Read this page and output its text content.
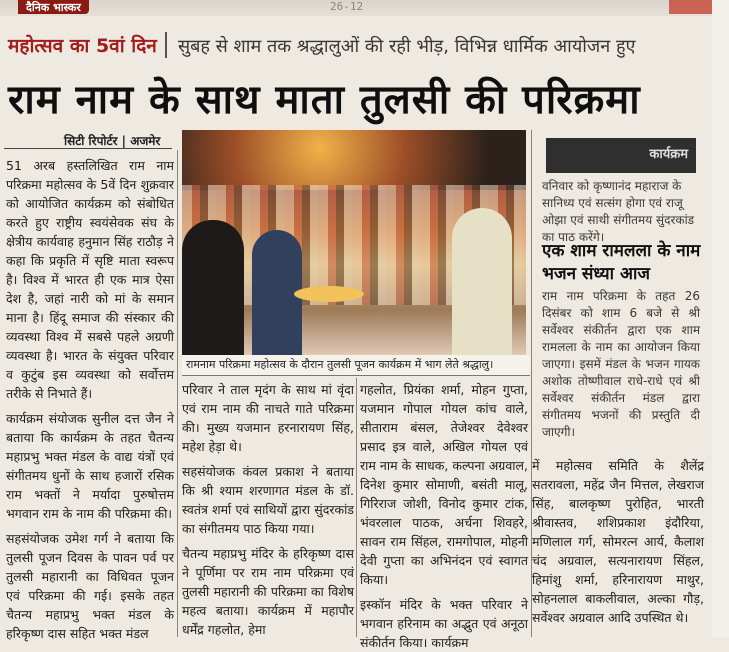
दैनिक भास्कर	26-12
महोत्सव का 5वां दिन सुबह से शाम तक श्रद्धालुओं की रही भीड़, विभिन्न धार्मिक आयोजन हुए
राम नाम के साथ माता तुलसी की परिक्रमा
सिटी रिपोर्टर | अजमेर
रामनाम परिक्रमा महोत्सव के दौरान तुलसी पूजन कार्यक्रम में भाग लेते श्रद्धालु।

51 अरब हस्तलिखित राम नाम परिक्रमा महोत्सव के 5वें दिन शुक्रवार को आयोजित कार्यक्रम को संबोधित करते हुए राष्ट्रीय स्वयंसेवक संघ के क्षेत्रीय कार्यवाह हनुमान सिंह राठौड़ ने कहा कि प्रकृति में सृष्टि माता स्वरूप है। विश्व में भारत ही एक मात्र ऐसा देश है, जहां नारी को मां के समान माना है। हिंदू समाज की संस्कार की व्यवस्था विश्व में सबसे पहले अग्रणी व्यवस्था है। भारत के संयुक्त परिवार व कुटुंब इस व्यवस्था को सर्वोत्तम तरीके से निभाते हैं।

कार्यक्रम संयोजक सुनील दत्त जैन ने बताया कि कार्यक्रम के तहत चैतन्य महाप्रभु भक्त मंडल के वाद्य यंत्रों एवं संगीतमय धुनों के साथ हजारों रसिक राम भक्तों ने मर्यादा पुरुषोत्तम भगवान राम के नाम की परिक्रमा की।

सहसंयोजक उमेश गर्ग ने बताया कि तुलसी पूजन दिवस के पावन पर्व पर तुलसी महारानी का विधिवत पूजन एवं परिक्रमा की गई। इसके तहत चैतन्य महाप्रभु भक्त मंडल के हरिकृष्ण दास सहित भक्त मंडल

परिवार ने ताल मृदंग के साथ मां वृंदा एवं राम नाम की नाचते गाते परिक्रमा की। मुख्य यजमान हरनारायण सिंह, महेश हेड़ा थे।

सहसंयोजक कंवल प्रकाश ने बताया कि श्री श्याम शरणागत मंडल के डॉ. स्वतंत्र शर्मा एवं साथियों द्वारा सुंदरकांड का संगीतमय पाठ किया गया।

चैतन्य महाप्रभु मंदिर के हरिकृष्ण दास ने पूर्णिमा पर राम नाम परिक्रमा एवं तुलसी महारानी की परिक्रमा का विशेष महत्व बताया। कार्यक्रम में महापौर धर्मेंद्र गहलोत, हेमा

गहलोत, प्रियंका शर्मा, मोहन गुप्ता, यजमान गोपाल गोयल कांच वाले, सीताराम बंसल, तेजेश्वर देवेश्वर प्रसाद इत्र वाले, अखिल गोयल एवं राम नाम के साधक, कल्पना अग्रवाल, दिनेश कुमार सोमाणी, बसंती मालू, गिरिराज जोशी, विनोद कुमार टांक, भंवरलाल पाठक, अर्चना शिवहरे, सावन राम सिंहल, रामगोपाल, मोहनी देवी गुप्ता का अभिनंदन एवं स्वागत किया।

इस्कॉन मंदिर के भक्त परिवार ने भगवान हरिनाम का अद्भुत एवं अनूठा संकीर्तन किया। कार्यक्रम

कार्यक्रम
वनिवार को कृष्णानंद महाराज के सानिध्य एवं सत्संग होगा एवं राजू ओझा एवं साथी संगीतमय सुंदरकांड का पाठ करेंगे।
एक शाम रामलला के नाम भजन संध्या आज
राम नाम परिक्रमा के तहत 26 दिसंबर को शाम 6 बजे से श्री सर्वेश्वर संकीर्तन द्वारा एक शाम रामलला के नाम का आयोजन किया जाएगा। इसमें मंडल के भजन गायक अशोक तोष्णीवाल राधे-राधे एवं श्री सर्वेश्वर संकीर्तन मंडल द्वारा संगीतमय भजनों की प्रस्तुति दी जाएगी।

में महोत्सव समिति के शैलेंद्र सतरावला, महेंद्र जैन मित्तल, लेखराज सिंह, बालकृष्ण पुरोहित, भारती श्रीवास्तव, शशिप्रकाश इंदौरिया, मणिलाल गर्ग, सोमरत्न आर्य, कैलाश चंद अग्रवाल, सत्यनारायण सिंहल, हिमांशु शर्मा, हरिनारायण माथुर, सोहनलाल बाकलीवाल, अल्का गौड़, सर्वेश्वर अग्रवाल आदि उपस्थित थे।
